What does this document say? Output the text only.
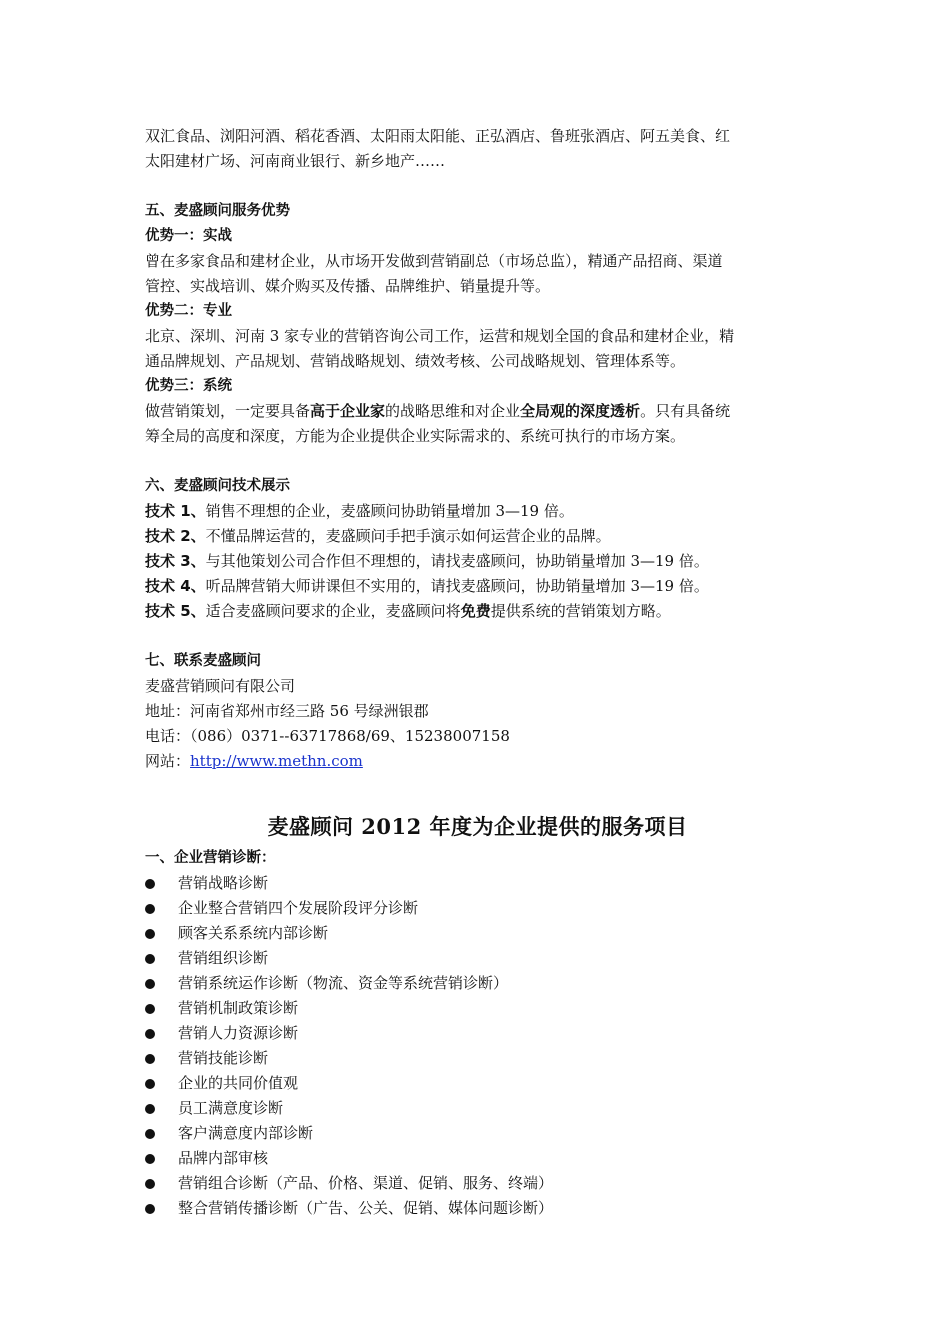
双汇食品、浏阳河酒、稻花香酒、太阳雨太阳能、正弘酒店、鲁班张酒店、阿五美食、红

太阳建材广场、河南商业银行、新乡地产……

五、麦盛顾问服务优势

优势一：实战

曾在多家食品和建材企业，从市场开发做到营销副总（市场总监），精通产品招商、渠道

管控、实战培训、媒介购买及传播、品牌维护、销量提升等。

优势二：专业

北京、深圳、河南 3 家专业的营销咨询公司工作，运营和规划全国的食品和建材企业，精

通品牌规划、产品规划、营销战略规划、绩效考核、公司战略规划、管理体系等。

优势三：系统

做营销策划，一定要具备高于企业家的战略思维和对企业全局观的深度透析。只有具备统

筹全局的高度和深度，方能为企业提供企业实际需求的、系统可执行的市场方案。

六、麦盛顾问技术展示

技术 1、销售不理想的企业，麦盛顾问协助销量增加 3—19 倍。

技术 2、不懂品牌运营的，麦盛顾问手把手演示如何运营企业的品牌。

技术 3、与其他策划公司合作但不理想的，请找麦盛顾问，协助销量增加 3—19 倍。

技术 4、听品牌营销大师讲课但不实用的，请找麦盛顾问，协助销量增加 3—19 倍。

技术 5、适合麦盛顾问要求的企业，麦盛顾问将免费提供系统的营销策划方略。

七、联系麦盛顾问

麦盛营销顾问有限公司

地址：河南省郑州市经三路 56 号绿洲银郡

电话：（086）0371--63717868/69、15238007158

网站：http://www.methn.com

麦盛顾问 2012 年度为企业提供的服务项目

一、企业营销诊断：

营销战略诊断
企业整合营销四个发展阶段评分诊断
顾客关系系统内部诊断
营销组织诊断
营销系统运作诊断（物流、资金等系统营销诊断）
营销机制政策诊断
营销人力资源诊断
营销技能诊断
企业的共同价值观
员工满意度诊断
客户满意度内部诊断
品牌内部审核
营销组合诊断（产品、价格、渠道、促销、服务、终端）
整合营销传播诊断（广告、公关、促销、媒体问题诊断）
